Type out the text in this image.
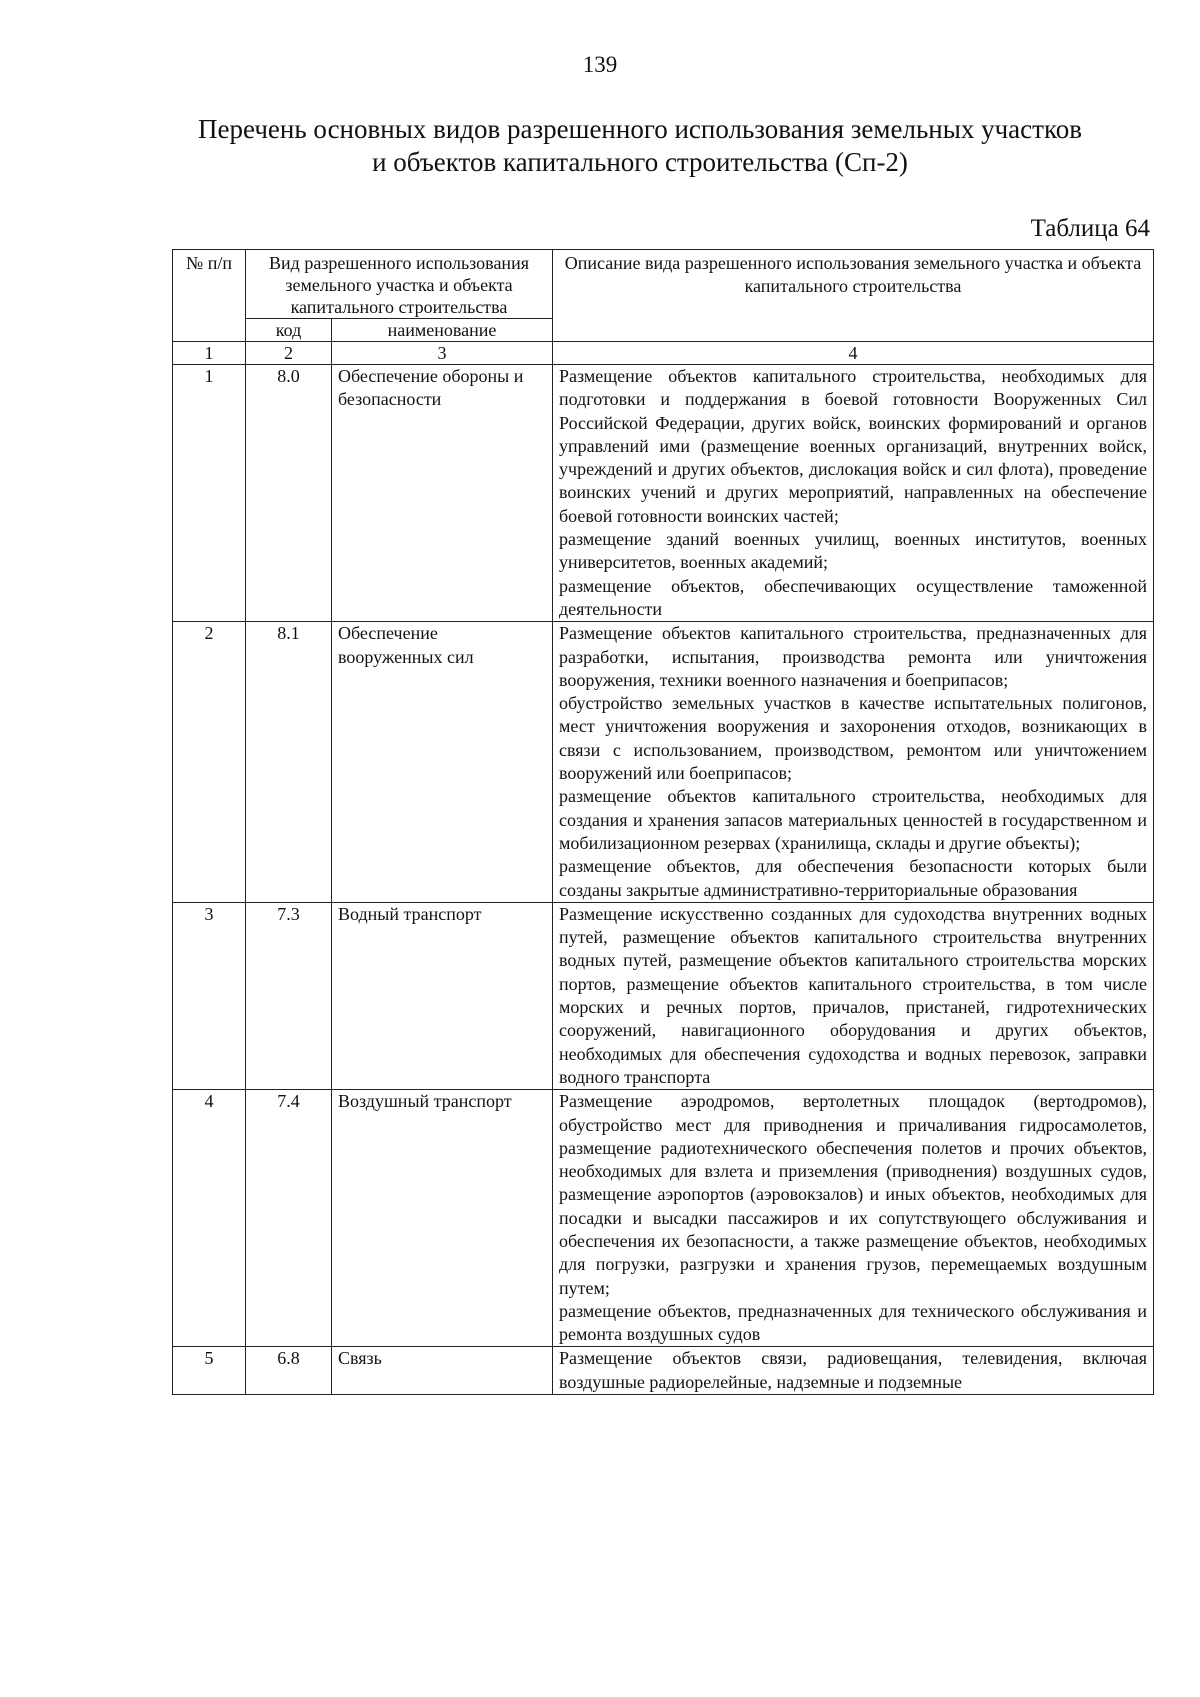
139
Перечень основных видов разрешенного использования земельных участков
и объектов капитального строительства (Сп-2)
Таблица 64
№ п/п	Вид разрешенного использования земельного участка и объекта капитального строительства		Описание вида разрешенного использования земельного участка и объекта капитального строительства
	код	наименование	
1	2	3	4
1	8.0	Обеспечение обороны и безопасности	Размещение объектов капитального строительства, необходимых для подготовки и поддержания в боевой готовности Вооруженных Сил Российской Федерации, других войск, воинских формирований и органов управлений ими (размещение военных организаций, внутренних войск, учреждений и других объектов, дислокация войск и сил флота), проведение воинских учений и других мероприятий, направленных на обеспечение боевой готовности воинских частей;

размещение зданий военных училищ, военных институтов, военных университетов, военных академий;

размещение объектов, обеспечивающих осуществление таможенной деятельности

2	8.1	Обеспечение вооруженных сил	Размещение объектов капитального строительства, предназначенных для разработки, испытания, производства ремонта или уничтожения вооружения, техники военного назначения и боеприпасов;

обустройство земельных участков в качестве испытательных полигонов, мест уничтожения вооружения и захоронения отходов, возникающих в связи с использованием, производством, ремонтом или уничтожением вооружений или боеприпасов;

размещение объектов капитального строительства, необходимых для создания и хранения запасов материальных ценностей в государственном и мобилизационном резервах (хранилища, склады и другие объекты);

размещение объектов, для обеспечения безопасности которых были созданы закрытые административно-территориальные образования

3	7.3	Водный транспорт	Размещение искусственно созданных для судоходства внутренних водных путей, размещение объектов капитального строительства внутренних водных путей, размещение объектов капитального строительства морских портов, размещение объектов капитального строительства, в том числе морских и речных портов, причалов, пристаней, гидротехнических сооружений, навигационного оборудования и других объектов, необходимых для обеспечения судоходства и водных перевозок, заправки водного транспорта

4	7.4	Воздушный транспорт	Размещение аэродромов, вертолетных площадок (вертодромов), обустройство мест для приводнения и причаливания гидросамолетов, размещение радиотехнического обеспечения полетов и прочих объектов, необходимых для взлета и приземления (приводнения) воздушных судов, размещение аэропортов (аэровокзалов) и иных объектов, необходимых для посадки и высадки пассажиров и их сопутствующего обслуживания и обеспечения их безопасности, а также размещение объектов, необходимых для погрузки, разгрузки и хранения грузов, перемещаемых воздушным путем;

размещение объектов, предназначенных для технического обслуживания и ремонта воздушных судов

5	6.8	Связь	Размещение объектов связи, радиовещания, телевидения, включая воздушные радиорелейные, надземные и подземные
